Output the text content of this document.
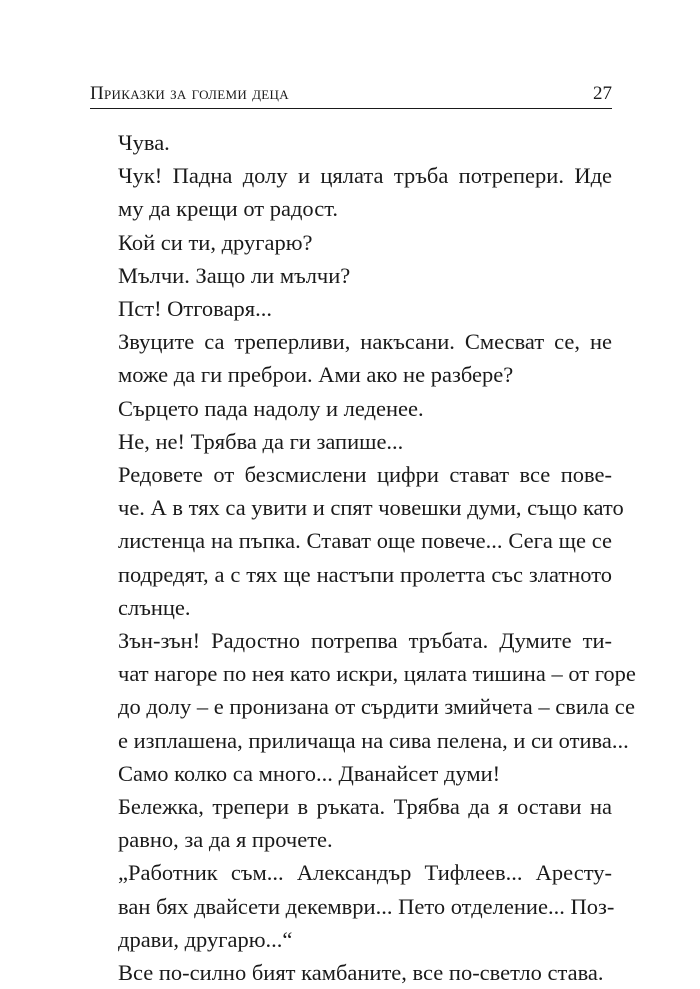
Приказки за големи деца	27
Чува.
Чук! Падна долу и цялата тръба потрепери. Иде
му да крещи от радост.
Кой си ти, другарю?
Мълчи. Защо ли мълчи?
Пст! Отговаря...
Звуците са треперливи, накъсани. Смесват се, не
може да ги преброи. Ами ако не разбере?
Сърцето пада надолу и леденее.
Не, не! Трябва да ги запише...
Редовете от безсмислени цифри стават все пове-
че. А в тях са увити и спят човешки думи, също като
листенца на пъпка. Стават още повече... Сега ще се
подредят, а с тях ще настъпи пролетта със златното
слънце.
Зън-зън! Радостно потрепва тръбата. Думите ти-
чат нагоре по нея като искри, цялата тишина – от горе
до долу – е пронизана от сърдити змийчета – свила се
е изплашена, приличаща на сива пелена, и си отива...
Само колко са много... Дванайсет думи!
Бележка, трепери в ръката. Трябва да я остави на
равно, за да я прочете.
„Работник съм... Александър Тифлеев... Аресту-
ван бях двайсети декември... Пето отделение... Поз-
драви, другарю...“
Все по-силно бият камбаните, все по-светло става.
